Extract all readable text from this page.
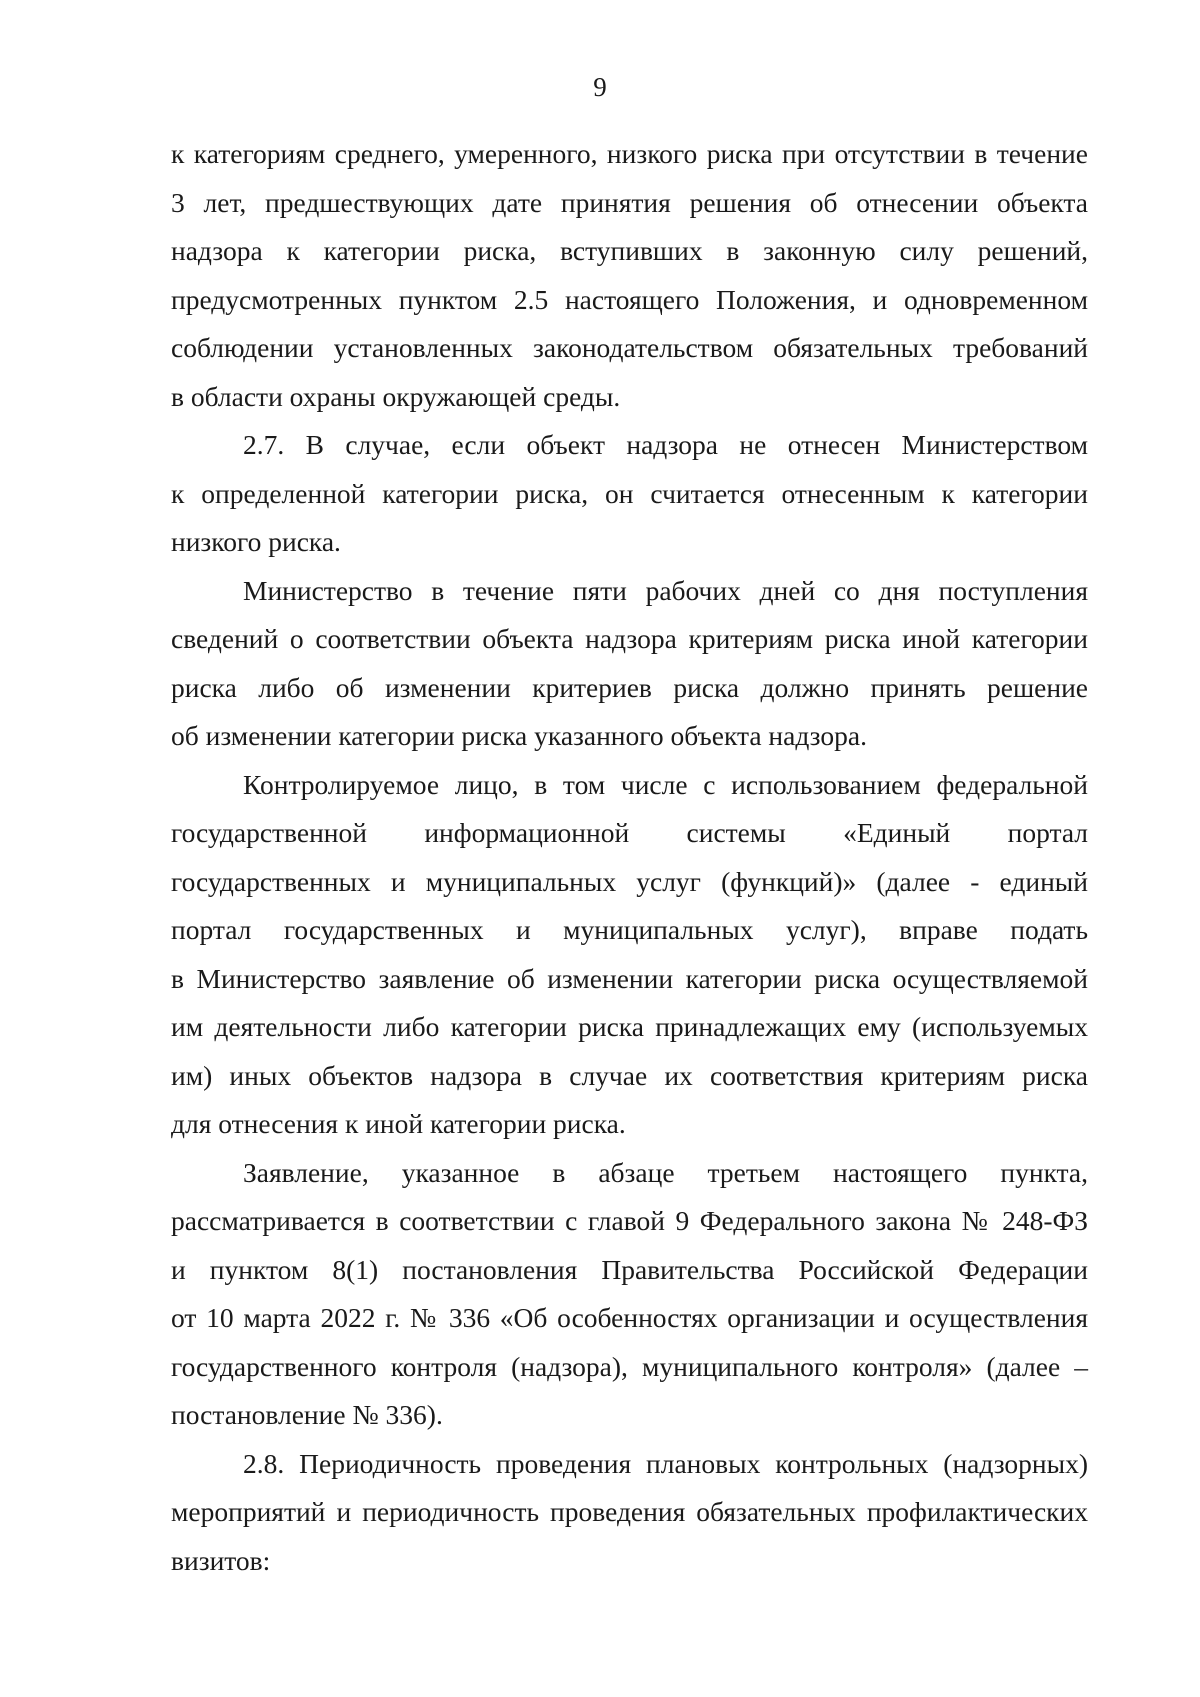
9
к категориям среднего, умеренного, низкого риска при отсутствии в течение
3 лет, предшествующих дате принятия решения об отнесении объекта
надзора к категории риска, вступивших в законную силу решений,
предусмотренных пунктом 2.5 настоящего Положения, и одновременном
соблюдении установленных законодательством обязательных требований
в области охраны окружающей среды.
2.7. В случае, если объект надзора не отнесен Министерством
к определенной категории риска, он считается отнесенным к категории
низкого риска.
Министерство в течение пяти рабочих дней со дня поступления
сведений о соответствии объекта надзора критериям риска иной категории
риска либо об изменении критериев риска должно принять решение
об изменении категории риска указанного объекта надзора.
Контролируемое лицо, в том числе с использованием федеральной
государственной информационной системы «Единый портал
государственных и муниципальных услуг (функций)» (далее - единый
портал государственных и муниципальных услуг), вправе подать
в Министерство заявление об изменении категории риска осуществляемой
им деятельности либо категории риска принадлежащих ему (используемых
им) иных объектов надзора в случае их соответствия критериям риска
для отнесения к иной категории риска.
Заявление, указанное в абзаце третьем настоящего пункта,
рассматривается в соответствии с главой 9 Федерального закона № 248-ФЗ
и пунктом 8(1) постановления Правительства Российской Федерации
от 10 марта 2022 г. № 336 «Об особенностях организации и осуществления
государственного контроля (надзора), муниципального контроля» (далее –
постановление № 336).
2.8. Периодичность проведения плановых контрольных (надзорных)
мероприятий и периодичность проведения обязательных профилактических
визитов:
